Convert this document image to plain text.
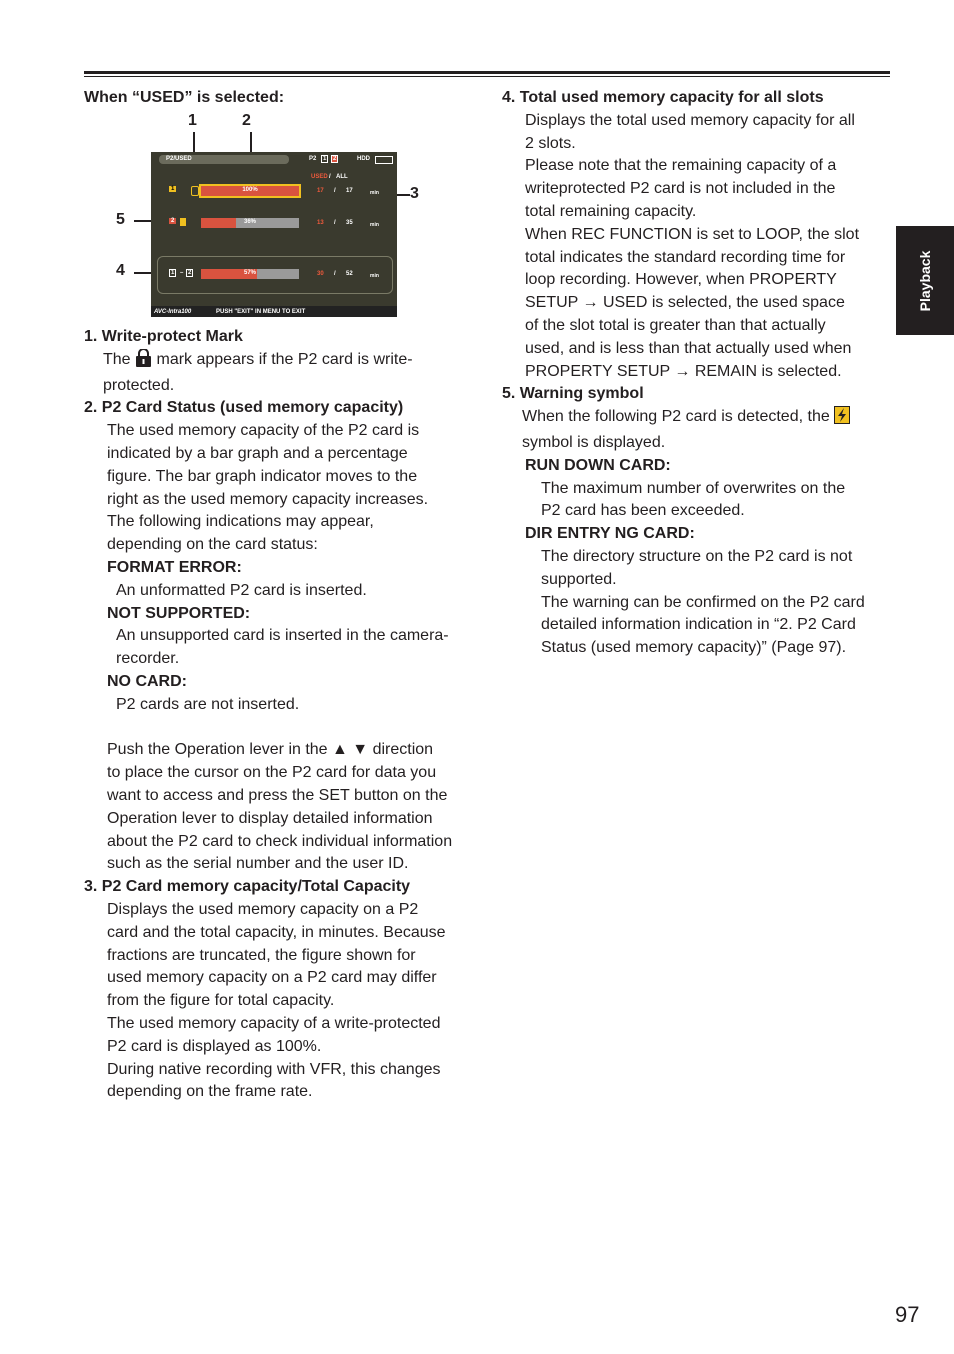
When “USED” is selected:

1	2
3
5
4
P2/USED	P2	1	2	HDD
USED / ALL
1	100%	17 / 17	min
2	36%	13 / 35	min
1 – 2	57%	30 / 52	min
AVC-Intra100	PUSH "EXIT" IN MENU TO EXIT

1. Write-protect Mark

The mark appears if the P2 card is write-

protected.

2. P2 Card Status (used memory capacity)

The used memory capacity of the P2 card is

indicated by a bar graph and a percentage

figure. The bar graph indicator moves to the

right as the used memory capacity increases.

The following indications may appear,

depending on the card status:

FORMAT ERROR:

An unformatted P2 card is inserted.

NOT SUPPORTED:

An unsupported card is inserted in the camera-

recorder.

NO CARD:

P2 cards are not inserted.

Push the Operation lever in the ▲ ▼ direction

to place the cursor on the P2 card for data you

want to access and press the SET button on the

Operation lever to display detailed information

about the P2 card to check individual information

such as the serial number and the user ID.

3. P2 Card memory capacity/Total Capacity

Displays the used memory capacity on a P2

card and the total capacity, in minutes. Because

fractions are truncated, the figure shown for

used memory capacity on a P2 card may differ

from the figure for total capacity.

The used memory capacity of a write-protected

P2 card is displayed as 100%.

During native recording with VFR, this changes

depending on the frame rate.

4. Total used memory capacity for all slots

Displays the total used memory capacity for all

2 slots.

Please note that the remaining capacity of a

writeprotected P2 card is not included in the

total remaining capacity.

When REC FUNCTION is set to LOOP, the slot

total indicates the standard recording time for

loop recording. However, when PROPERTY

SETUP → USED is selected, the used space

of the slot total is greater than that actually

used, and is less than that actually used when

PROPERTY SETUP → REMAIN is selected.

5. Warning symbol

When the following P2 card is detected, the

symbol is displayed.

RUN DOWN CARD:

The maximum number of overwrites on the

P2 card has been exceeded.

DIR ENTRY NG CARD:

The directory structure on the P2 card is not

supported.

The warning can be confirmed on the P2 card

detailed information indication in “2. P2 Card

Status (used memory capacity)” (Page 97).

Playback
97
